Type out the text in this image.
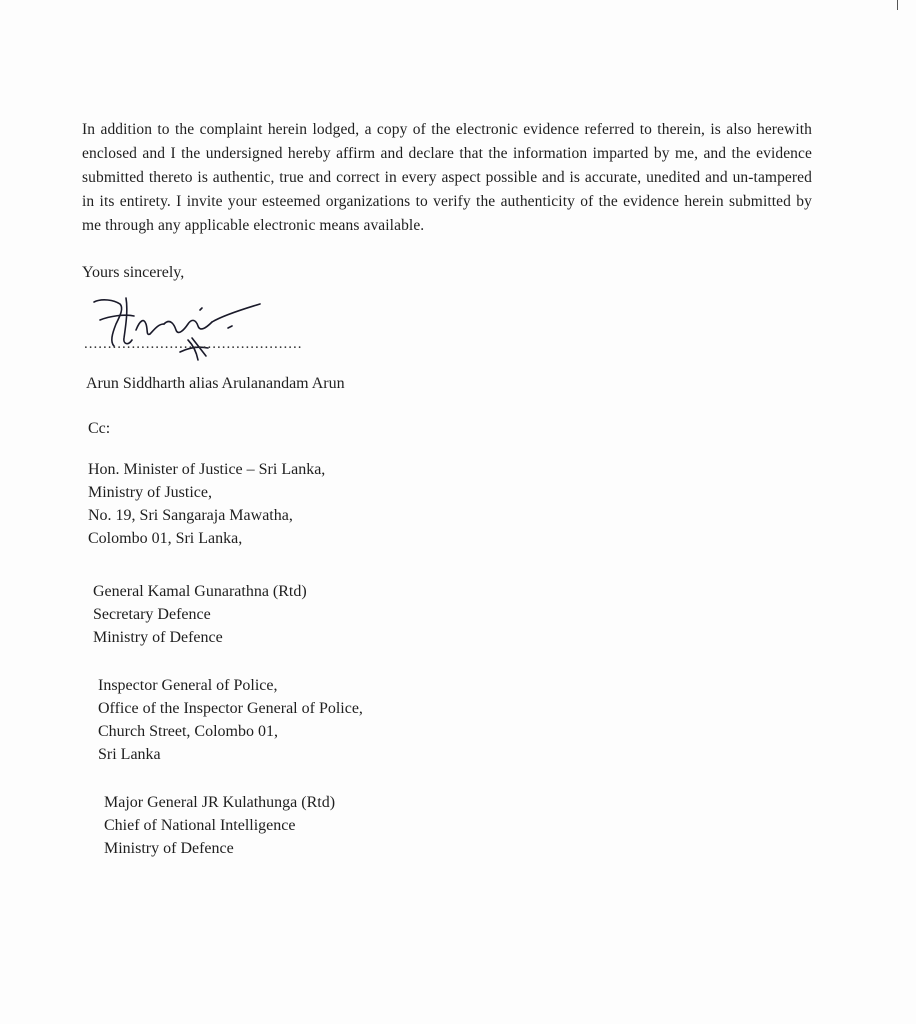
In addition to the complaint herein lodged, a copy of the electronic evidence referred to therein, is also herewith enclosed and I the undersigned hereby affirm and declare that the information imparted by me, and the evidence submitted thereto is authentic, true and correct in every aspect possible and is accurate, unedited and un-tampered in its entirety. I invite your esteemed organizations to verify the authenticity of the evidence herein submitted by me through any applicable electronic means available.

Yours sincerely,
..............................................
Arun Siddharth alias Arulanandam Arun
Cc:
Hon. Minister of Justice – Sri Lanka,
Ministry of Justice,
No. 19, Sri Sangaraja Mawatha,
Colombo 01, Sri Lanka,
General Kamal Gunarathna (Rtd)
Secretary Defence
Ministry of Defence
Inspector General of Police,
Office of the Inspector General of Police,
Church Street, Colombo 01,
Sri Lanka
Major General JR Kulathunga (Rtd)
Chief of National Intelligence
Ministry of Defence
